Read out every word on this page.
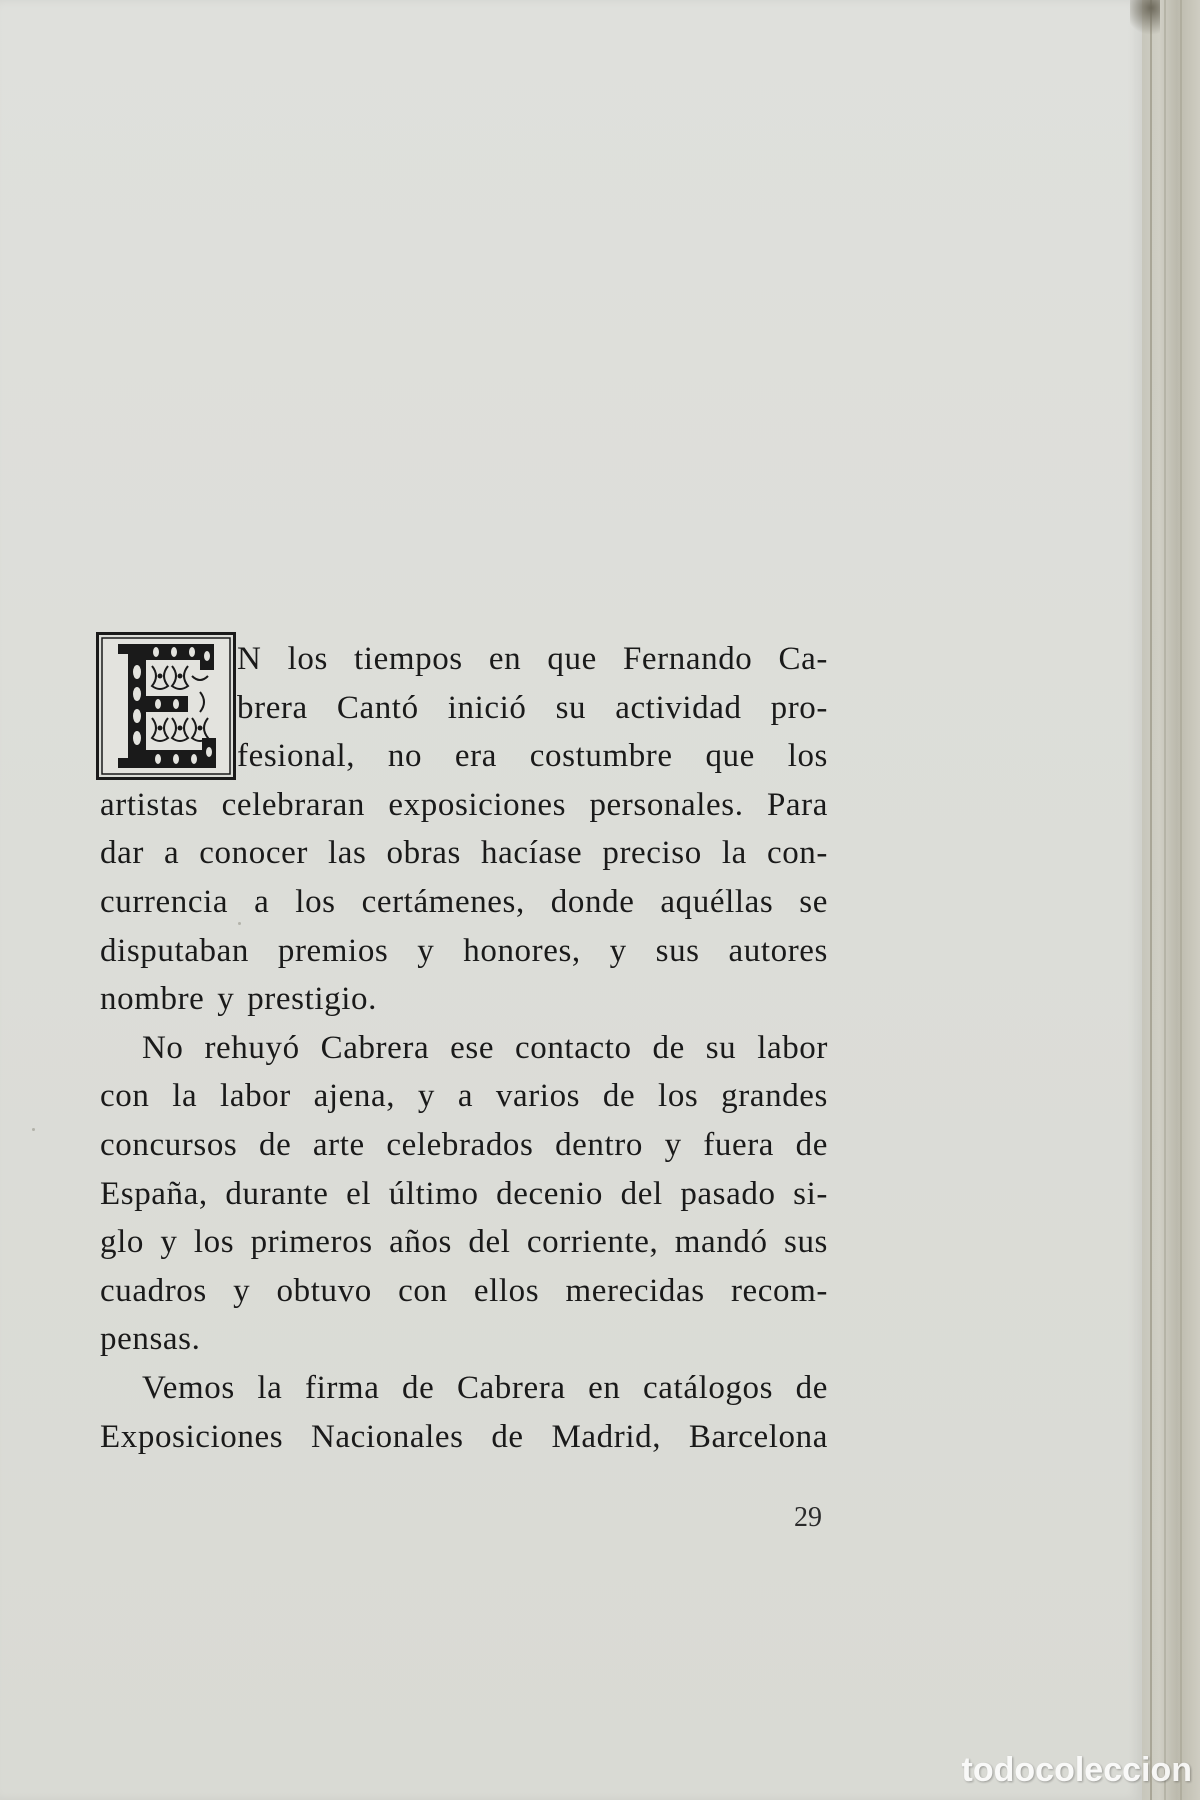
N los tiempos en que Fernando Ca-
brera Cantó inició su actividad pro-
fesional, no era costumbre que los
artistas celebraran exposiciones personales. Para
dar a conocer las obras hacíase preciso la con-
currencia a los certámenes, donde aquéllas se
disputaban premios y honores, y sus autores
nombre y prestigio.
No rehuyó Cabrera ese contacto de su labor
con la labor ajena, y a varios de los grandes
concursos de arte celebrados dentro y fuera de
España, durante el último decenio del pasado si-
glo y los primeros años del corriente, mandó sus
cuadros y obtuvo con ellos merecidas recom-
pensas.
Vemos la firma de Cabrera en catálogos de
Exposiciones Nacionales de Madrid, Barcelona
29
todocoleccion
